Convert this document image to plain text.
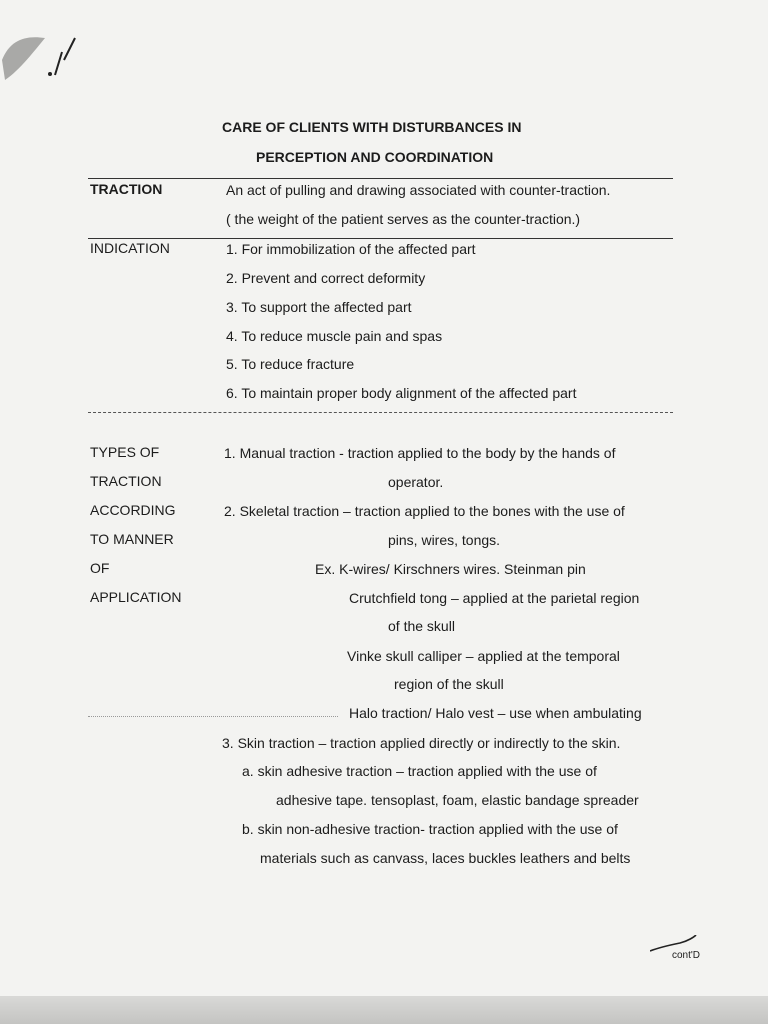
CARE OF CLIENTS WITH DISTURBANCES IN
PERCEPTION AND COORDINATION
TRACTION	An act of pulling and drawing associated with counter-traction.
( the weight of the patient serves as the counter-traction.)
INDICATION	1. For immobilization of the affected part
2. Prevent and correct deformity
3. To support the affected part
4. To reduce muscle pain and spas
5. To reduce fracture
6. To maintain proper body alignment of the affected part
TYPES OF
TRACTION
ACCORDING
TO MANNER
OF
APPLICATION
1. Manual traction - traction applied to the body by the hands of
operator.
2. Skeletal traction – traction applied to the bones with the use of
pins, wires, tongs.
Ex. K-wires/ Kirschners wires. Steinman pin
Crutchfield tong – applied at the parietal region
of the skull
Vinke skull calliper – applied at the temporal
region of the skull
Halo traction/ Halo vest – use when ambulating
3. Skin traction – traction applied directly or indirectly to the skin.
a. skin adhesive traction – traction applied with the use of
adhesive tape. tensoplast, foam, elastic bandage spreader
b. skin non-adhesive traction- traction applied with the use of
materials such as canvass, laces buckles leathers and belts
cont'D
